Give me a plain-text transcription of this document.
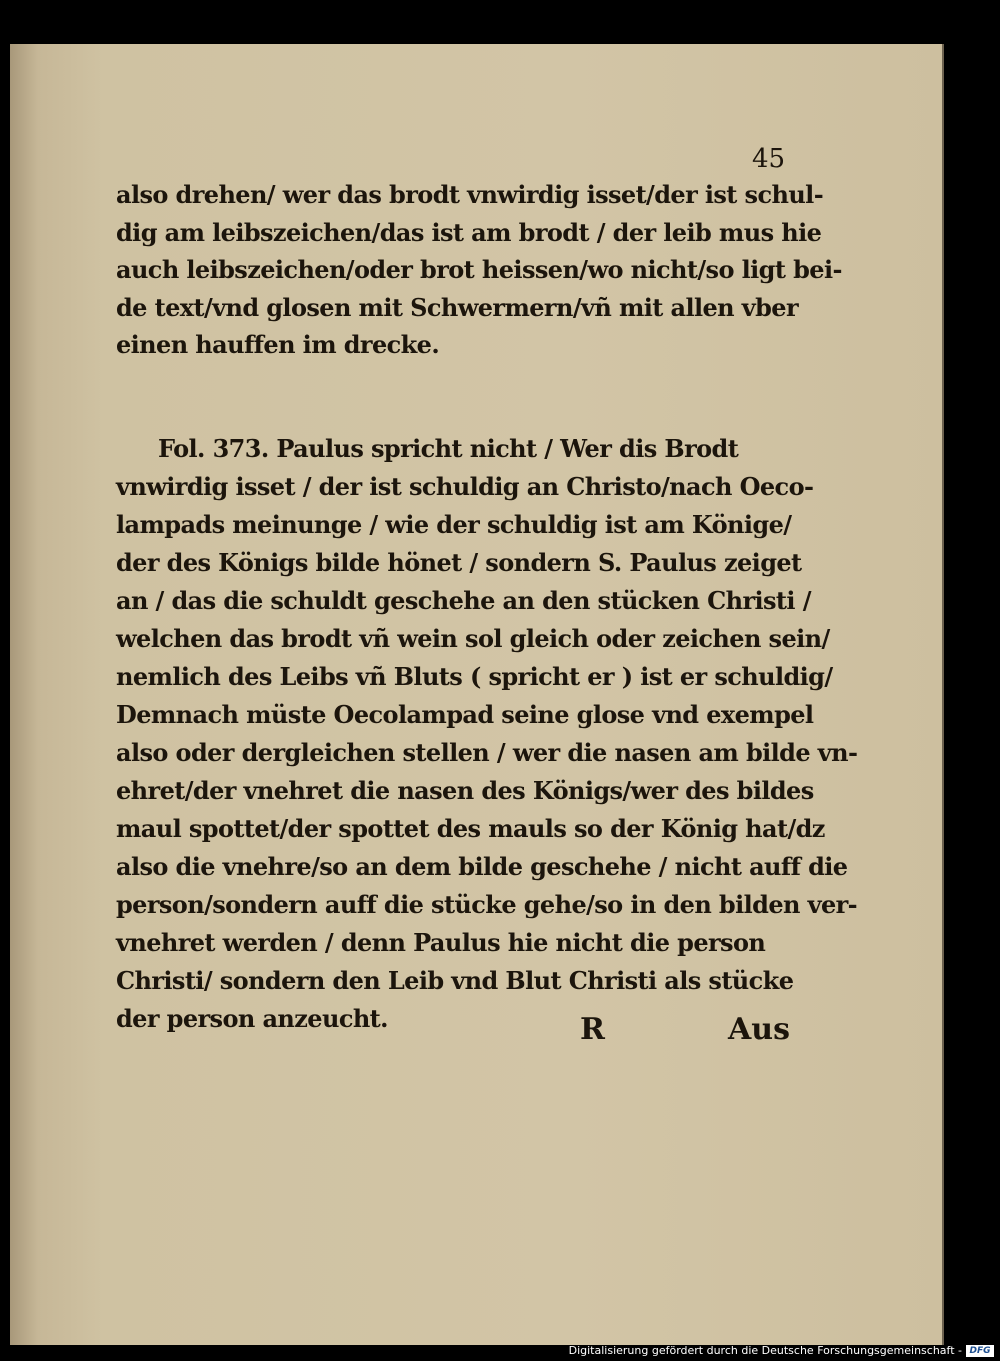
45
also drehen/ wer das brodt vnwirdig isset/der ist schul-
dig am leibszeichen/das ist am brodt / der leib mus hie
auch leibszeichen/oder brot heissen/wo nicht/so ligt bei-
de text/vnd glosen mit Schwermern/vñ mit allen vber
einen hauffen im drecke.
Fol. 373. Paulus spricht nicht / Wer dis Brodt
vnwirdig isset / der ist schuldig an Christo/nach Oeco-
lampads meinunge / wie der schuldig ist am Könige/
der des Königs bilde hönet / sondern S. Paulus zeiget
an / das die schuldt geschehe an den stücken Christi /
welchen das brodt vñ wein sol gleich oder zeichen sein/
nemlich des Leibs vñ Bluts ( spricht er ) ist er schuldig/
Demnach müste Oecolampad seine glose vnd exempel
also oder dergleichen stellen / wer die nasen am bilde vn-
ehret/der vnehret die nasen des Königs/wer des bildes
maul spottet/der spottet des mauls so der König hat/dz
also die vnehre/so an dem bilde geschehe / nicht auff die
person/sondern auff die stücke gehe/so in den bilden ver-
vnehret werden / denn Paulus hie nicht die person
Christi/ sondern den Leib vnd Blut Christi als stücke
der person anzeucht.	R	Aus
Digitalisierung gefördert durch die Deutsche Forschungsgemeinschaft - DFG
